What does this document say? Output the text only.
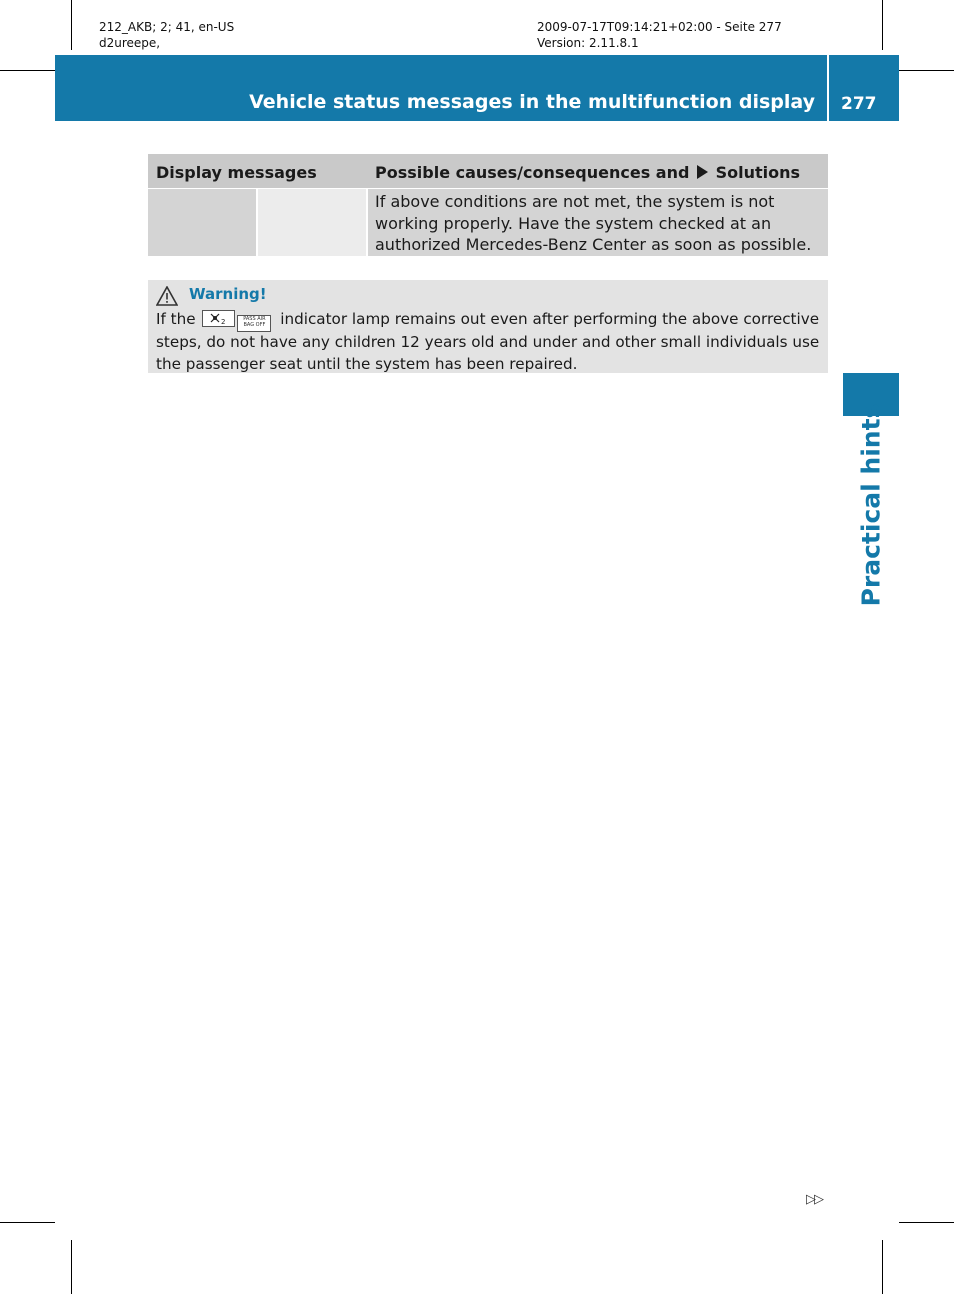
212_AKB; 2; 41, en-US
d2ureepe,
2009-07-17T09:14:21+02:00 - Seite 277
Version: 2.11.8.1
Vehicle status messages in the multifunction display 277
Practical hints
Display messages	Possible causes/consequences and Solutions

If above conditions are not met, the system is not working properly. Have the system checked at an authorized Mercedes-Benz Center as soon as possible.

Warning!

If the	2	PASS AIR BAG OFF indicator lamp remains out even after performing the above corrective steps, do not have any children 12 years old and under and other small individuals use the passenger seat until the system has been repaired.

▷▷
